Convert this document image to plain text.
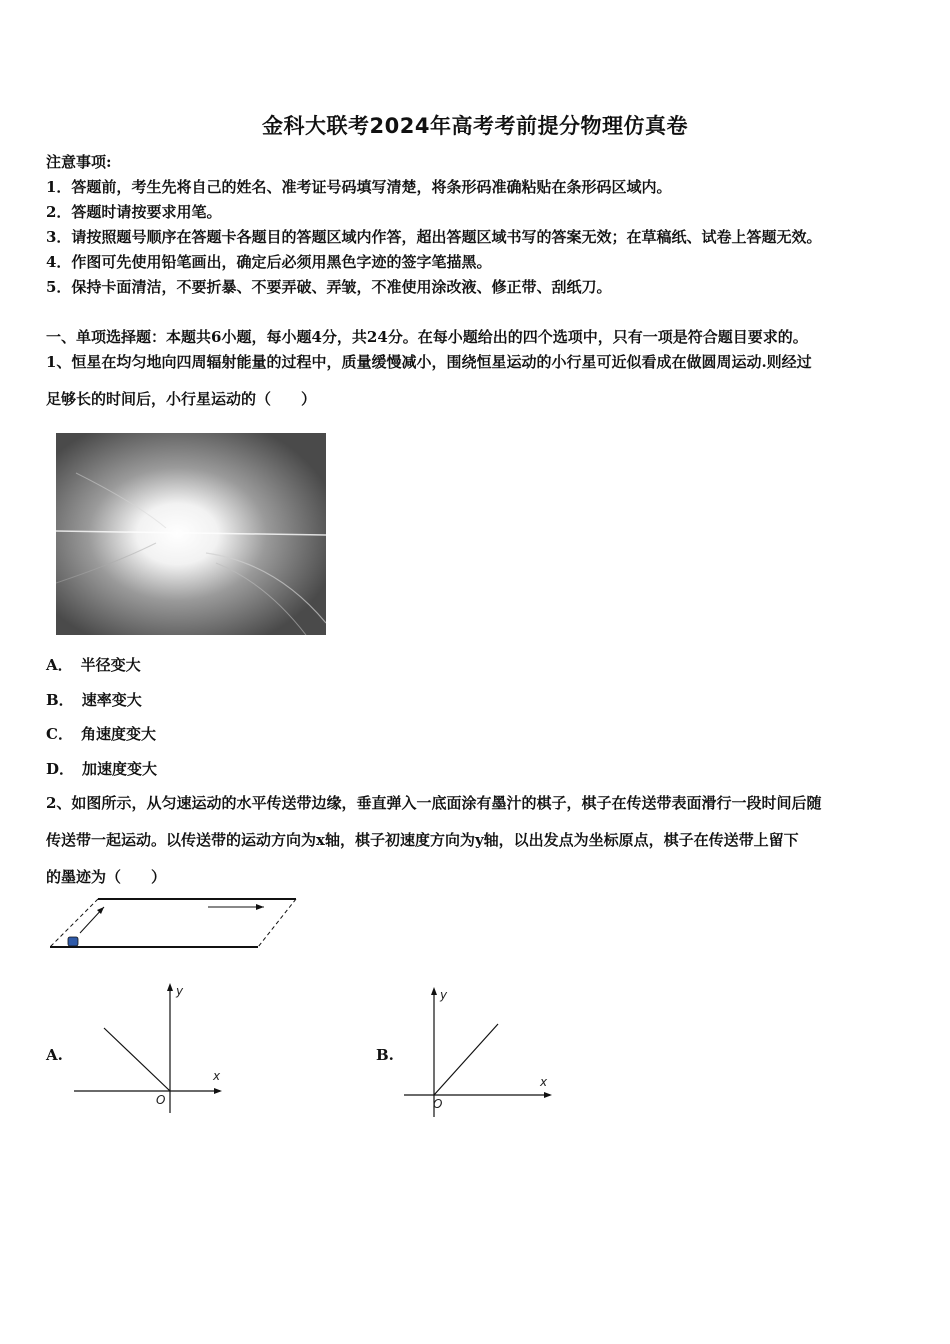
金科大联考2024年高考考前提分物理仿真卷
注意事项:
1．答题前，考生先将自己的姓名、准考证号码填写清楚，将条形码准确粘贴在条形码区域内。
2．答题时请按要求用笔。
3．请按照题号顺序在答题卡各题目的答题区域内作答，超出答题区域书写的答案无效；在草稿纸、试卷上答题无效。
4．作图可先使用铅笔画出，确定后必须用黑色字迹的签字笔描黑。
5．保持卡面清洁，不要折暴、不要弄破、弄皱，不准使用涂改液、修正带、刮纸刀。
一、单项选择题：本题共6小题，每小题4分，共24分。在每小题给出的四个选项中，只有一项是符合题目要求的。
1、恒星在均匀地向四周辐射能量的过程中，质量缓慢减小，围绕恒星运动的小行星可近似看成在做圆周运动.则经过
足够长的时间后，小行星运动的（　　）
A． 半径变大
B． 速率变大
C． 角速度变大
D． 加速度变大
2、如图所示，从匀速运动的水平传送带边缘，垂直弹入一底面涂有墨汁的棋子，棋子在传送带表面滑行一段时间后随
传送带一起运动。以传送带的运动方向为x轴，棋子初速度方向为y轴，以出发点为坐标原点，棋子在传送带上留下
的墨迹为（　　）
A.
y
x
O
B.
y
x
O
